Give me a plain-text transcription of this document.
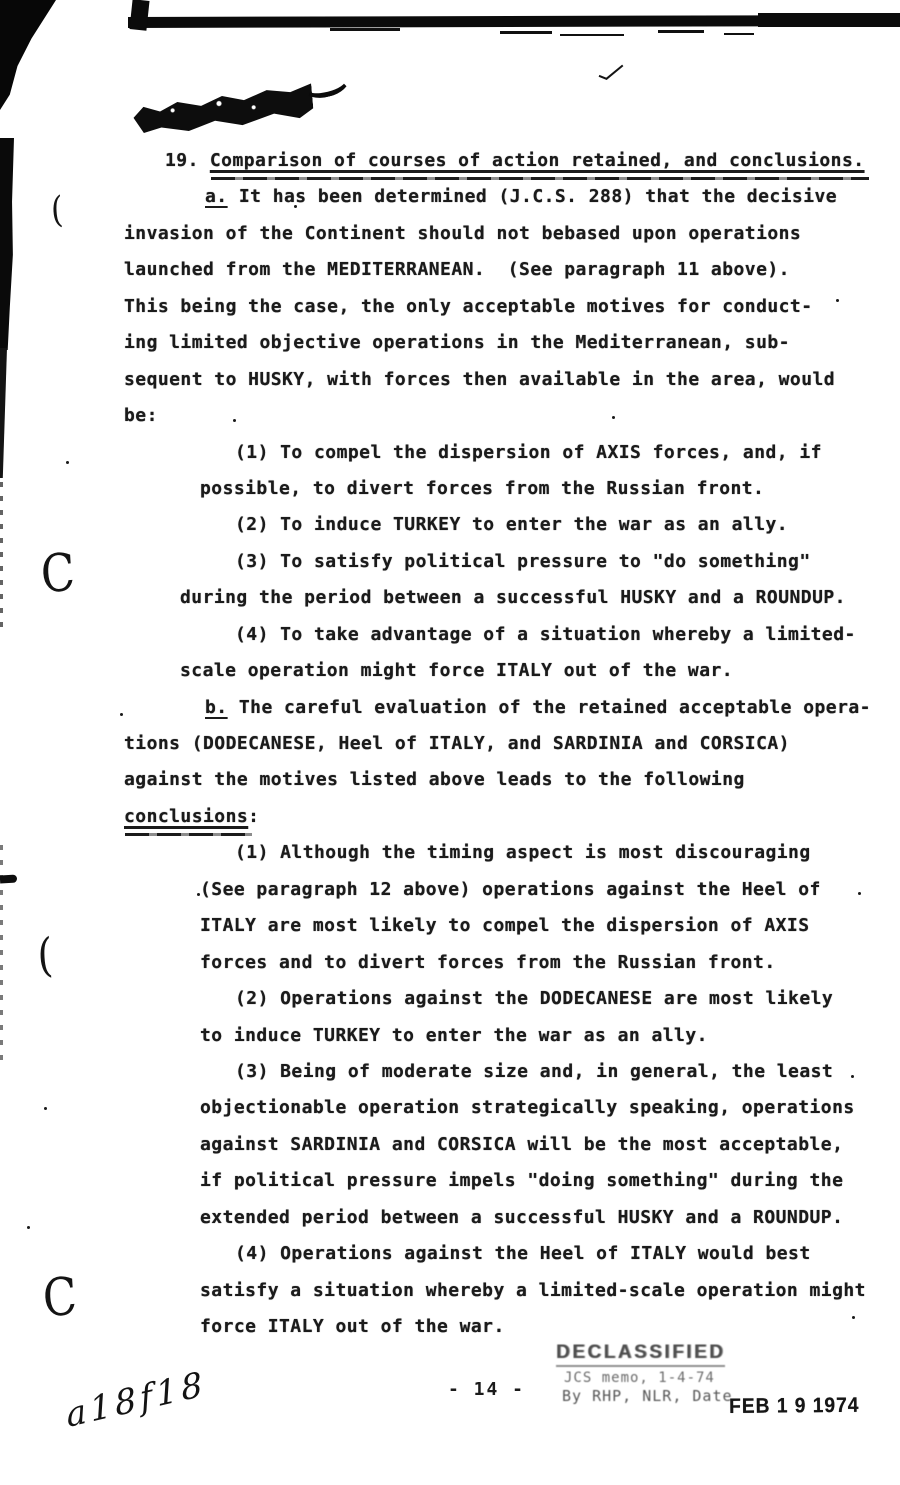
(
C
(
C
19. Comparison of courses of action retained, and conclusions.
a. It has been determined (J.C.S. 288) that the decisive
invasion of the Continent should not bebased upon operations
launched from the MEDITERRANEAN.  (See paragraph 11 above).
This being the case, the only acceptable motives for conduct-
ing limited objective operations in the Mediterranean, sub-
sequent to HUSKY, with forces then available in the area, would
be:
(1) To compel the dispersion of AXIS forces, and, if
possible, to divert forces from the Russian front.
(2) To induce TURKEY to enter the war as an ally.
(3) To satisfy political pressure to "do something"
during the period between a successful HUSKY and a ROUNDUP.
(4) To take advantage of a situation whereby a limited-
scale operation might force ITALY out of the war.
b. The careful evaluation of the retained acceptable opera-
tions (DODECANESE, Heel of ITALY, and SARDINIA and CORSICA)
against the motives listed above leads to the following
conclusions:
(1) Although the timing aspect is most discouraging
(See paragraph 12 above) operations against the Heel of
ITALY are most likely to compel the dispersion of AXIS
forces and to divert forces from the Russian front.
(2) Operations against the DODECANESE are most likely
to induce TURKEY to enter the war as an ally.
(3) Being of moderate size and, in general, the least
objectionable operation strategically speaking, operations
against SARDINIA and CORSICA will be the most acceptable,
if political pressure impels "doing something" during the
extended period between a successful HUSKY and a ROUNDUP.
(4) Operations against the Heel of ITALY would best
satisfy a situation whereby a limited-scale operation might
force ITALY out of the war.
- 14 -
DECLASSIFIED
JCS memo, 1-4-74
By RHP, NLR, Date
FEB 1 9 1974
a18f18
